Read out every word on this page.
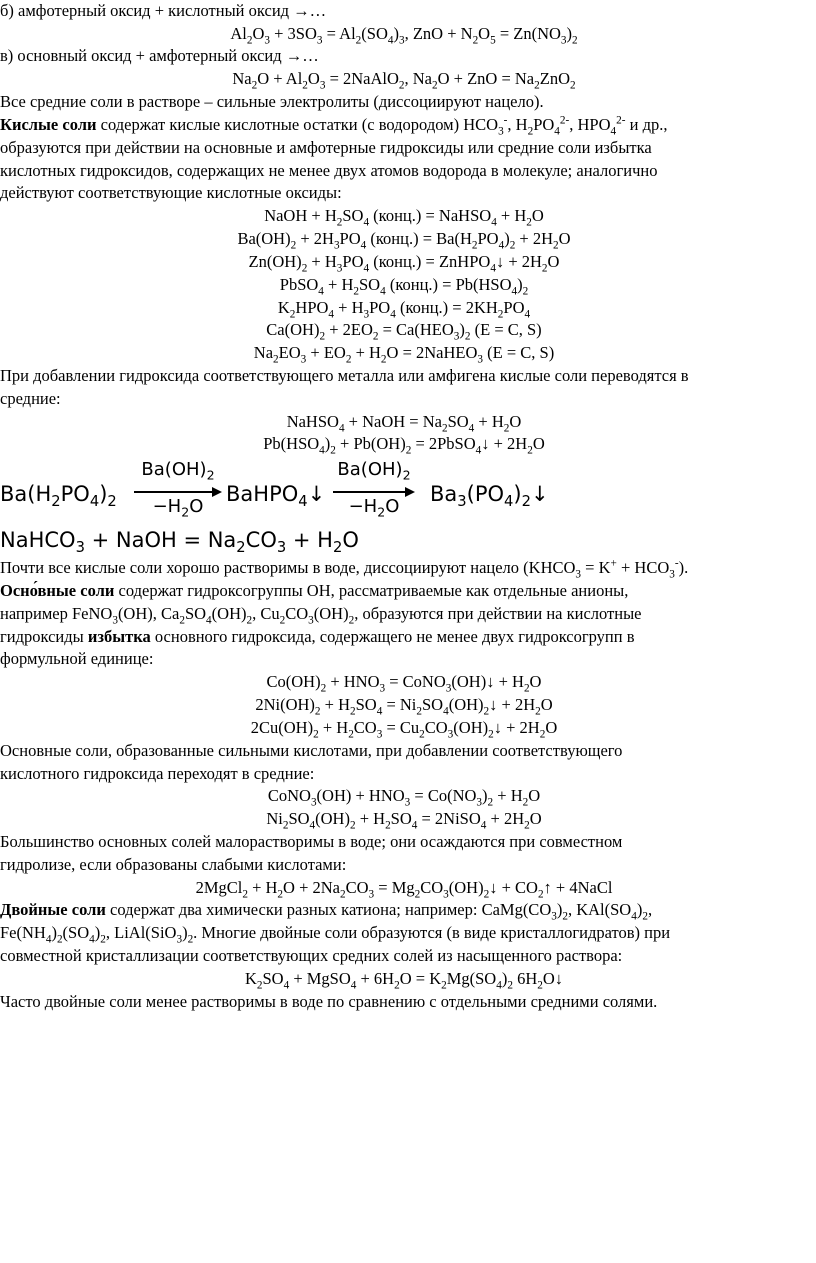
б) амфотерный оксид + кислотный оксид →…
$Al_2O_3 + 3SO_3 = Al_2(SO_4)_3$, ZnO + $N_2O_5 = Zn(NO_3)_2$
в) основный оксид + амфотерный оксид →…
$Na_2O + Al_2O_3$ = 2NaAlO$_2$, $Na_2O$ + ZnO = $Na_2ZnO_2$
Все средние соли в растворе – сильные электролиты (диссоциируют нацело).
Кислые соли содержат кислые кислотные остатки (с водородом) $HCO_3^-$, $H_2PO_4^{2-}$, $HPO_4^{2-}$ и др.,
образуются при действии на основные и амфотерные гидроксиды или средние соли избытка
кислотных гидроксидов, содержащих не менее двух атомов водорода в молекуле; аналогично
действуют соответствующие кислотные оксиды:
NaOH + $H_2SO_4$ (конц.) = NaHSO$_4$ + $H_2O$
$Ba(OH)_2 + 2H_3PO_4$ (конц.) = $Ba(H_2PO_4)_2 + 2H_2O$
$Zn(OH)_2 + H_3PO_4$ (конц.) = ZnHPO$_4$↓ + $2H_2O$
PbSO$_4$ + $H_2SO_4$ (конц.) = $Pb(HSO_4)_2$
$K_2HPO_4 + H_3PO_4$ (конц.) = $2KH_2PO_4$
$Ca(OH)_2 + 2EO_2 = Ca(HEO_3)_2$ (E = C, S)
$Na_2EO_3 + EO_2 + H_2O$ = 2NaHEO$_3$ (E = C, S)
При добавлении гидроксида соответствующего металла или амфигена кислые соли переводятся в
средние:
NaHSO$_4$ + NaOH = $Na_2SO_4 + H_2O$
$Pb(HSO_4)_2 + Pb(OH)_2$ = 2PbSO$_4$↓ + $2H_2O$
$Ba(H_2PO_4)_2$
$Ba(OH)_2$
$-H_2O$
BaHPO$_4$↓
$Ba(OH)_2$
$-H_2O$
$Ba_3(PO_4)_2↓$
NaHCO$_3$ + NaOH = $Na_2CO_3 + H_2O$
Почти все кислые соли хорошо растворимы в воде, диссоциируют нацело $(KHCO_3 = K^+ + HCO_3^-)$.
Осно́вные соли содержат гидроксогруппы OH, рассматриваемые как отдельные анионы,
например FeNO$_3$(OH), $Ca_2SO_4(OH)_2$, $Cu_2CO_3(OH)_2$, образуются при действии на кислотные
гидроксиды избытка основного гидроксида, содержащего не менее двух гидроксогрупп в
формульной единице:
$Co(OH)_2 + HNO_3$ = CoNO$_3$(OH)↓ + $H_2O$
$2Ni(OH)_2 + H_2SO_4$ = $Ni_2SO_4(OH)_2↓ + 2H_2O$
$2Cu(OH)_2 + H_2CO_3$ = $Cu_2CO_3(OH)_2↓ + 2H_2O$
Основные соли, образованные сильными кислотами, при добавлении соответствующего
кислотного гидроксида переходят в средние:
CoNO$_3$(OH) + $HNO_3 = Co(NO_3)_2 + H_2O$
$Ni_2SO_4(OH)_2 + H_2SO_4$ = 2NiSO$_4$ + $2H_2O$
Большинство основных солей малорастворимы в воде; они осаждаются при совместном
гидролизе, если образованы слабыми кислотами:
2MgCl$_2$ + $H_2O + 2Na_2CO_3$ = $Mg_2CO_3(OH)_2↓$ + $CO_2↑$ + 4NaCl
Двойные соли содержат два химически разных катиона; например: $CaMg(CO_3)_2$, $KAl(SO_4)_2$,
$Fe(NH_4)_2(SO_4)_2$, $LiAl(SiO_3)_2$. Многие двойные соли образуются (в виде кристаллогидратов) при
совместной кристаллизации соответствующих средних солей из насыщенного раствора:
$K_2SO_4$ + MgSO$_4$ + $6H_2O = K_2Mg(SO_4)_2$ $6H_2O↓$
Часто двойные соли менее растворимы в воде по сравнению с отдельными средними солями.
